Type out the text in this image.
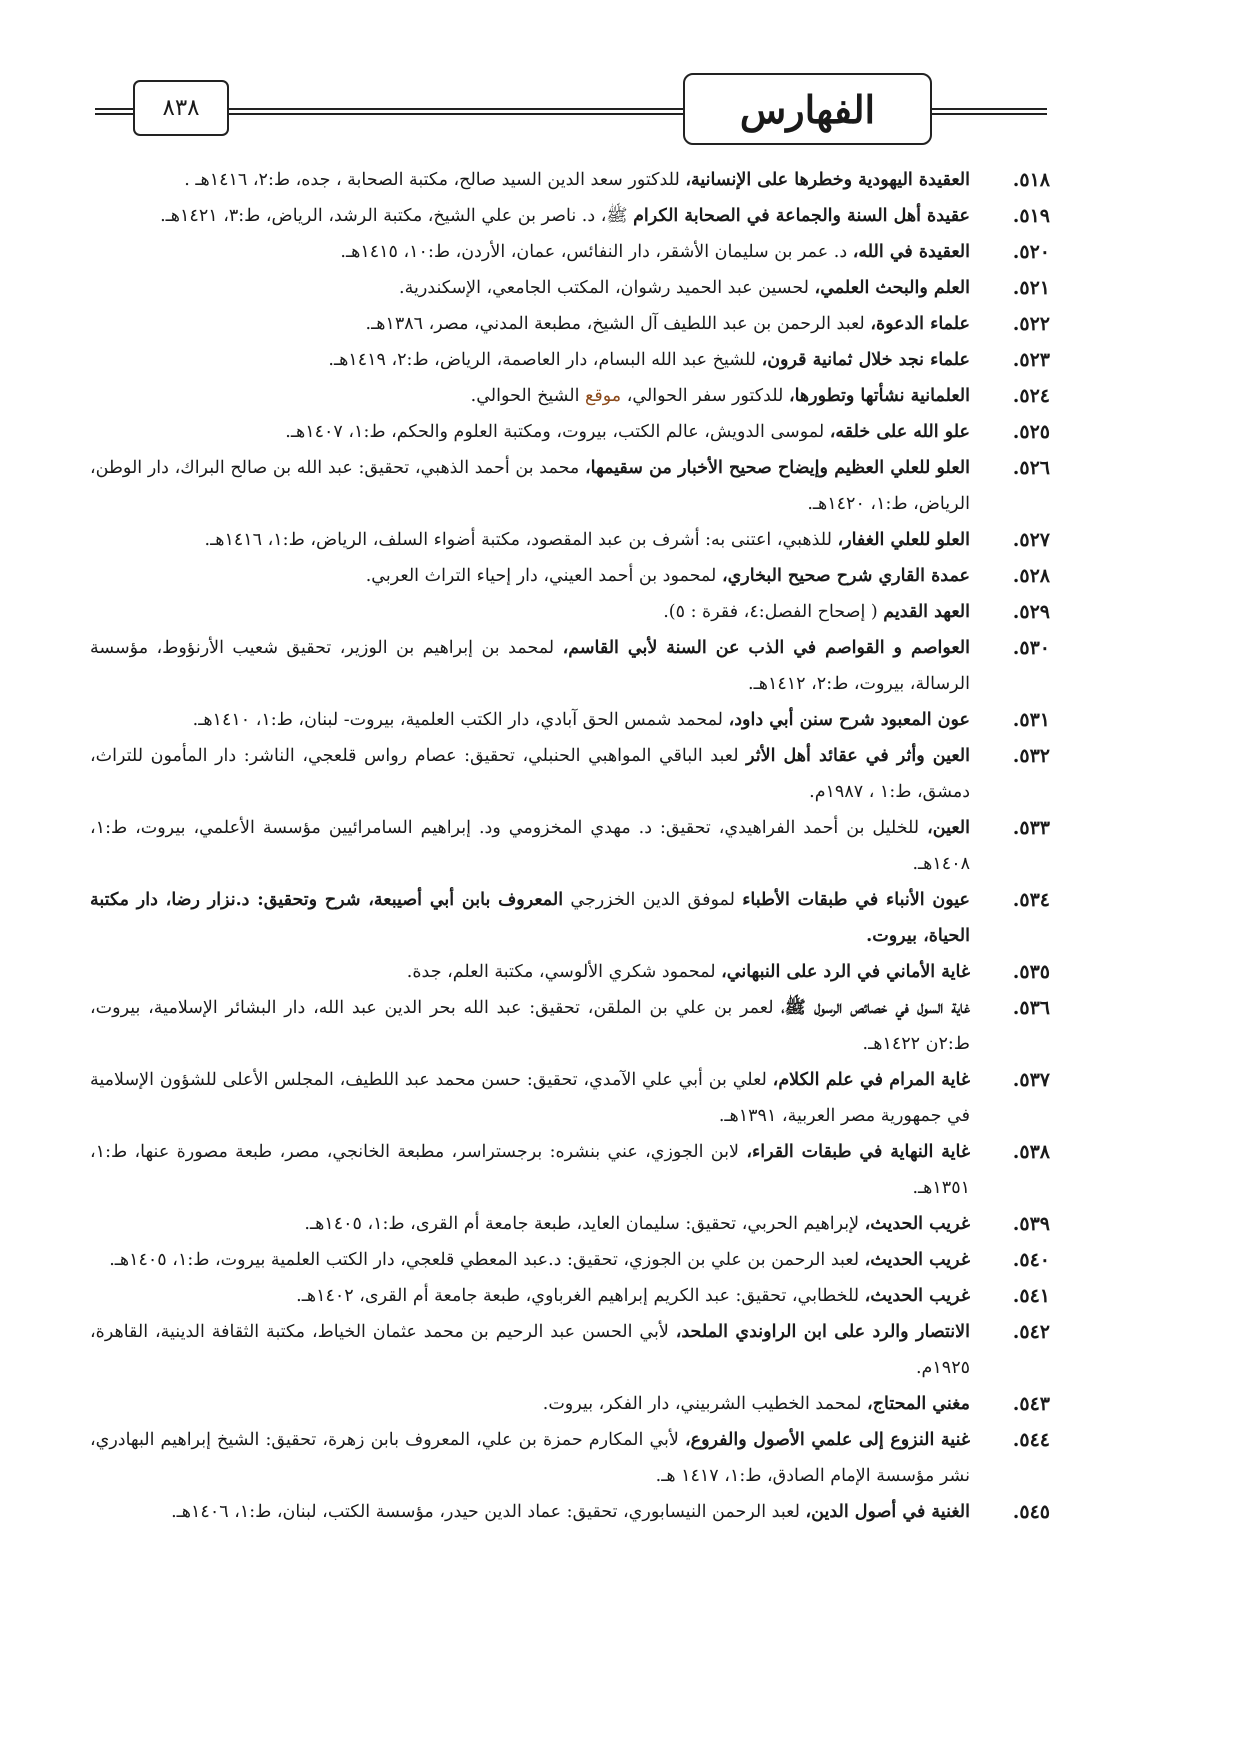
٨٣٨	الفهارس
٥١٨.
العقيدة اليهودية وخطرها على الإنسانية، للدكتور سعد الدين السيد صالح، مكتبة الصحابة ، جده، ط:٢، ١٤١٦هـ .
٥١٩.
عقيدة أهل السنة والجماعة في الصحابة الكرام ﷺ، د. ناصر بن علي الشيخ، مكتبة الرشد، الرياض، ط:٣، ١٤٢١هـ.
٥٢٠.
العقيدة في الله، د. عمر بن سليمان الأشقر، دار النفائس، عمان، الأردن، ط:١٠، ١٤١٥هـ.
٥٢١.
العلم والبحث العلمي، لحسين عبد الحميد رشوان، المكتب الجامعي، الإسكندرية.
٥٢٢.
علماء الدعوة، لعبد الرحمن بن عبد اللطيف آل الشيخ، مطبعة المدني، مصر، ١٣٨٦هـ.
٥٢٣.
علماء نجد خلال ثمانية قرون، للشيخ عبد الله البسام، دار العاصمة، الرياض، ط:٢، ١٤١٩هـ.
٥٢٤.
العلمانية نشأتها وتطورها، للدكتور سفر الحوالي، موقع الشيخ الحوالي.
٥٢٥.
علو الله على خلقه، لموسى الدويش، عالم الكتب، بيروت، ومكتبة العلوم والحكم، ط:١، ١٤٠٧هـ.
٥٢٦.
العلو للعلي العظيم وإيضاح صحيح الأخبار من سقيمها، محمد بن أحمد الذهبي، تحقيق: عبد الله بن صالح البراك، دار الوطن، الرياض، ط:١، ١٤٢٠هـ.
٥٢٧.
العلو للعلي الغفار، للذهبي، اعتنى به: أشرف بن عبد المقصود، مكتبة أضواء السلف، الرياض، ط:١، ١٤١٦هـ.
٥٢٨.
عمدة القاري شرح صحيح البخاري، لمحمود بن أحمد العيني، دار إحياء التراث العربي.
٥٢٩.
العهد القديم ( إصحاح الفصل:٤، فقرة : ٥).
٥٣٠.
العواصم و القواصم في الذب عن السنة لأبي القاسم، لمحمد بن إبراهيم بن الوزير، تحقيق شعيب الأرنؤوط، مؤسسة الرسالة، بيروت، ط:٢، ١٤١٢هـ.
٥٣١.
عون المعبود شرح سنن أبي داود، لمحمد شمس الحق آبادي، دار الكتب العلمية، بيروت- لبنان، ط:١، ١٤١٠هـ.
٥٣٢.
العين وأثر في عقائد أهل الأثر لعبد الباقي المواهبي الحنبلي، تحقيق: عصام رواس قلعجي، الناشر: دار المأمون للتراث، دمشق، ط:١ ، ١٩٨٧م.
٥٣٣.
العين، للخليل بن أحمد الفراهيدي، تحقيق: د. مهدي المخزومي ود. إبراهيم السامرائيين مؤسسة الأعلمي، بيروت، ط:١، ١٤٠٨هـ.
٥٣٤.
عيون الأنباء في طبقات الأطباء لموفق الدين الخزرجي المعروف بابن أبي أصيبعة، شرح وتحقيق: د.نزار رضا، دار مكتبة الحياة، بيروت.
٥٣٥.
غاية الأماني في الرد على النبهاني، لمحمود شكري الألوسي، مكتبة العلم، جدة.
٥٣٦.
غاية السول في خصائص الرسول ﷺ، لعمر بن علي بن الملقن، تحقيق: عبد الله بحر الدين عبد الله، دار البشائر الإسلامية، بيروت، ط:٢ن ١٤٢٢هـ.
٥٣٧.
غاية المرام في علم الكلام، لعلي بن أبي علي الآمدي، تحقيق: حسن محمد عبد اللطيف، المجلس الأعلى للشؤون الإسلامية في جمهورية مصر العربية، ١٣٩١هـ.
٥٣٨.
غاية النهاية في طبقات القراء، لابن الجوزي، عني بنشره: برجستراسر، مطبعة الخانجي، مصر، طبعة مصورة عنها، ط:١، ١٣٥١هـ.
٥٣٩.
غريب الحديث، لإبراهيم الحربي، تحقيق: سليمان العايد، طبعة جامعة أم القرى، ط:١، ١٤٠٥هـ.
٥٤٠.
غريب الحديث، لعبد الرحمن بن علي بن الجوزي، تحقيق: د.عبد المعطي قلعجي، دار الكتب العلمية بيروت، ط:١، ١٤٠٥هـ.
٥٤١.
غريب الحديث، للخطابي، تحقيق: عبد الكريم إبراهيم الغرباوي، طبعة جامعة أم القرى، ١٤٠٢هـ.
٥٤٢.
الانتصار والرد على ابن الراوندي الملحد، لأبي الحسن عبد الرحيم بن محمد عثمان الخياط، مكتبة الثقافة الدينية، القاهرة، ١٩٢٥م.
٥٤٣.
مغني المحتاج، لمحمد الخطيب الشربيني، دار الفكر، بيروت.
٥٤٤.
غنية النزوع إلى علمي الأصول والفروع، لأبي المكارم حمزة بن علي، المعروف بابن زهرة، تحقيق: الشيخ إبراهيم البهادري، نشر مؤسسة الإمام الصادق، ط:١، ١٤١٧ هـ.
٥٤٥.
الغنية في أصول الدين، لعبد الرحمن النيسابوري، تحقيق: عماد الدين حيدر، مؤسسة الكتب، لبنان، ط:١، ١٤٠٦هـ.
